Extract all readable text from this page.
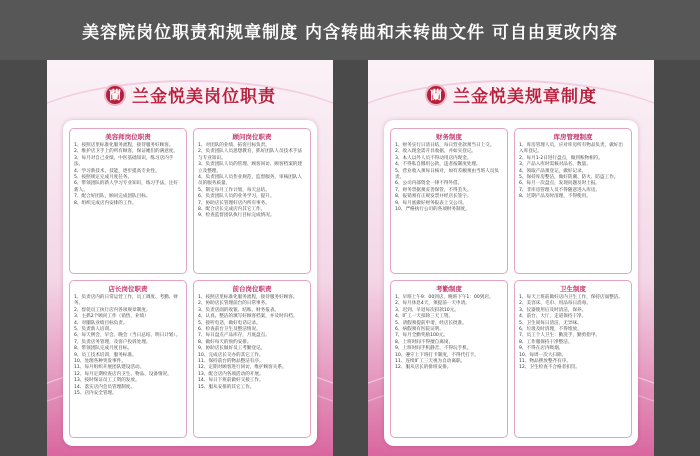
美容院岗位职责和规章制度 内含转曲和未转曲文件 可自由更改内容
蘭 兰金悦美岗位职责
美容师岗位职责
1、按照店里标准化服务流程，接待服务好顾客。
2、维护店卫手上的所有顾客，保证她们的满意度。
3、每月对自己业绩、中医基础知识，练习店内手法、
4、学习新技术，技能，逐步提高专业性。
5、按照规定完成月度任务。
6、带领团队的新人学习专业知识，练习手法，注好新人。
7、配合好团队，顾问完成团队目标。
8、组织完成店内安排的工作。
顾问岗位职责
1、对团队的业绩、拓客目标负责。
2、负责团队人员思想教育，抓好团队人员技术手法与专业知识。
3、负责团队人员的管理、顾客回访、顾客档案的建立及整理。
4、负责团队人员作业规范，监督服务，审核团队人员的服务质量。
5、制定每月工作计划，每天总结。
6、负责团队人员的业务学习，提升。
7、协助店长管理好店内所有事务。
8、配合店长完成店内其它工作。
9、检查监督团队执行目标完成情况。
店长岗位职责
1、负责店内的日常运营工作，员工调度、考勤、财务。
2、督促员工执行店内各项规章制度。
3、主抓2个顾问工作（销售、业绩）
4、对團队业绩目标负责。
5、负责新人培训。
6、每天例会，早会、晚会（当日总结、明日计划）。
7、负责店务管理，及客户投诉处理。
8、带领团队完成月度目标。
9、员工技术培训，服务标准。
10、处理各种突发事件。
11、每月组织开展团队建设活动。
12、每月定期检查店内卫生、物品、设备情况。
13、按时保证员工工资的发放。
14、落实店内会员管理制度。
15、店内安全管理。
前台岗位职责
1、按照店里标准化服务流程，接待服务好顾客。
2、协助店长管理前台的日常事务。
3、负责店面的收银、结账、财务报表。
4、认真、整洁的填写好顾客档案，并及时归档。
5、接听电话，做好电话记录。
6、检查前台卫生及整洁情况。
7、每日盘点产品库存，月底盘点。
8、做好每天的预约安排。
9、协助店长做好员工考勤登记。
10、完成店长交办的其它工作。
11、保持前台的物品整洁有序。
12、定期对顾客进行回访，维护顾客关系。
13、配合店内各项活动的开展。
14、每日下班前做好交接工作。
15、服从安排的其它工作。
蘭 兰金悦美规章制度
财务制度
1、财务实行日清日结，每日营业款须当日上交。
2、收入现金需开具收据，并如实登记。
3、本人以外人员不得动用店内现金。
4、不得私自挪用公款，违者按制度处理。
5、营业收入须每日核对，如有差额须由当班人员负责。
6、公司内部资金一律不得外借。
7、财务票据须妥善保管，不得丢失。
8、报销须有正规发票并经店长签字。
9、每月底做好财务报表上交公司。
10、严格执行公司的各项财务制度。
库房管理制度
1、库房管理人员，应对库房所有物品负责，做好出入库登记。
2、每月1-2日进行盘点，做到账物相符。
3、产品入库时需核对品名、数量。
4、领取产品须登记，做好记录。
5、保持库房整洁，做好防潮、防火、防盗工作。
6、每月一次盘点，发现问题及时上报。
7、非库房管理人员不得随意进入库房。
8、过期产品及时清理，不得使用。
考勤制度
1、早班上午9：00到店，晚班下午1：00到店。
2、每月休息4天，须提前一天申请。
3、迟到、早退每次扣款10元。
4、旷工一天扣除三天工资。
5、请假须提前申请，经店长批准。
6、病假须有医院证明。
7、每月全勤奖励100元。
8、上班时间不得擅自离岗。
9、上班时间手机静音，不得玩手机。
10、遵守上下班打卡制度，不得代打卡。
11、连续旷工三天视为自动离职。
12、服从店长的排班安排。
卫生制度
1、每天上班前做好店内卫生工作，保持店面整洁。
2、美容床、毛巾、用品每日消毒。
3、仪器使用后及时清洁，保养。
4、前台、大厅、走道保持干净。
5、卫生间每日清洁，无异味。
6、垃圾及时清理，不得堆放。
7、员工个人卫生：勤洗手，勤剪指甲。
8、工作服保持干净整洁。
9、不得在店内吸烟。
10、每周一次大扫除。
11、物品摆放整齐有序。
12、卫生检查不合格者扣罚。
